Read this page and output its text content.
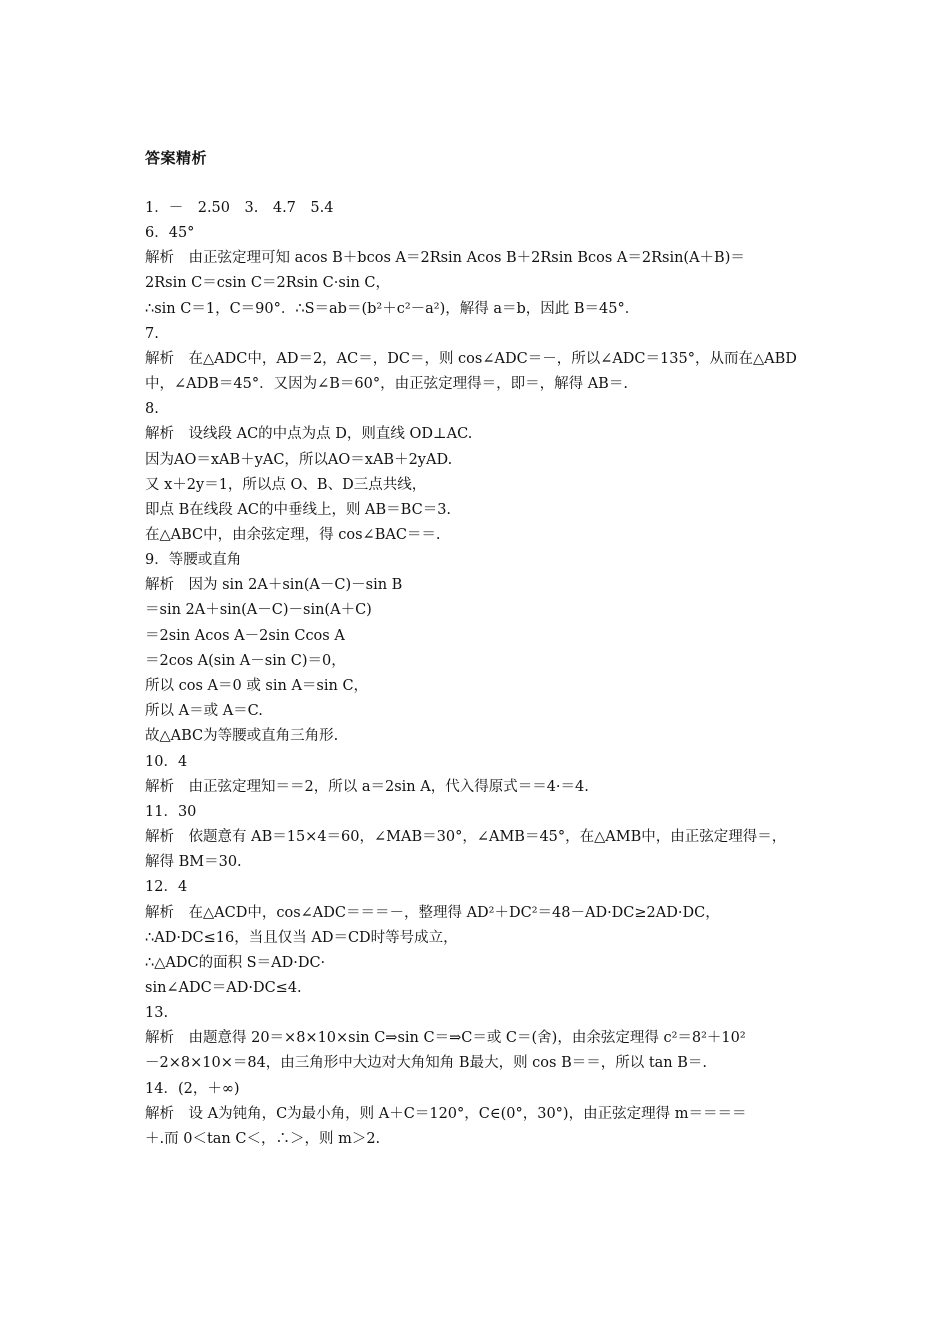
答案精析
1．－　2.50　3.　4.7　5.4
6．45°
解析　由正弦定理可知 acos B＋bcos A＝2Rsin Acos B＋2Rsin Bcos A＝2Rsin(A＋B)＝
2Rsin C＝csin C＝2Rsin C·sin C，
∴sin C＝1，C＝90°．∴S＝ab＝(b²＋c²－a²)，解得 a＝b，因此 B＝45°．
7.
解析　在△ADC中，AD＝2，AC＝，DC＝，则 cos∠ADC＝－，所以∠ADC＝135°，从而在△ABD
中，∠ADB＝45°．又因为∠B＝60°，由正弦定理得＝，即＝，解得 AB＝.
8.
解析　设线段 AC的中点为点 D，则直线 OD⊥AC.
因为AO＝xAB＋yAC，所以AO＝xAB＋2yAD.
又 x＋2y＝1，所以点 O、B、D三点共线，
即点 B在线段 AC的中垂线上，则 AB＝BC＝3.
在△ABC中，由余弦定理，得 cos∠BAC＝＝.
9．等腰或直角
解析　因为 sin 2A＋sin(A－C)－sin B
＝sin 2A＋sin(A－C)－sin(A＋C)
＝2sin Acos A－2sin Ccos A
＝2cos A(sin A－sin C)＝0，
所以 cos A＝0 或 sin A＝sin C，
所以 A＝或 A＝C.
故△ABC为等腰或直角三角形.
10．4
解析　由正弦定理知＝＝2，所以 a＝2sin A，代入得原式＝＝4·＝4.
11．30
解析　依题意有 AB＝15×4＝60，∠MAB＝30°，∠AMB＝45°，在△AMB中，由正弦定理得＝，
解得 BM＝30.
12．4
解析　在△ACD中，cos∠ADC＝＝＝－，整理得 AD²＋DC²＝48－AD·DC≥2AD·DC，
∴AD·DC≤16，当且仅当 AD＝CD时等号成立，
∴△ADC的面积 S＝AD·DC·
sin∠ADC＝AD·DC≤4.
13.
解析　由题意得 20＝×8×10×sin C⇒sin C＝⇒C＝或 C＝(舍)，由余弦定理得 c²＝8²＋10²
－2×8×10×＝84，由三角形中大边对大角知角 B最大，则 cos B＝＝，所以 tan B＝.
14．(2，＋∞)
解析　设 A为钝角，C为最小角，则 A＋C＝120°，C∈(0°，30°)，由正弦定理得 m＝＝＝＝
＋.而 0＜tan C＜，∴＞，则 m＞2.
